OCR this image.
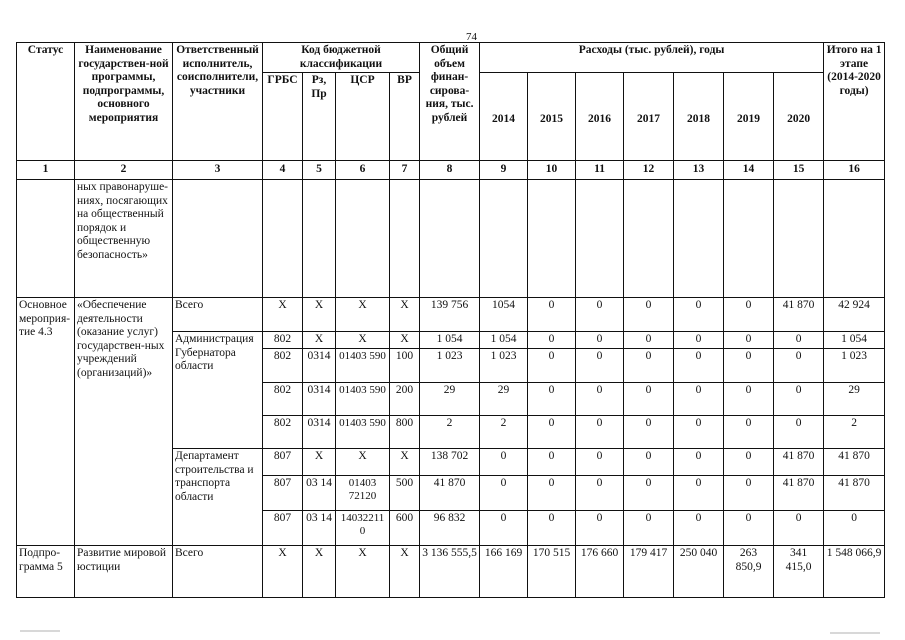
74
Статус	Наименование государствен-ной программы, подпрограммы, основного мероприятия	Ответственный исполнитель, соисполнители, участники	Код бюджетной классификации				Общий объем финан-сирова-ния, тыс. рублей	Расходы (тыс. рублей), годы							Итого на 1 этапе (2014-2020 годы)
			ГРБС	Рз, Пр	ЦСР	ВР		2014	2015	2016	2017	2018	2019	2020	
1	2	3	4	5	6	7	8	9	10	11	12	13	14	15	16
	ных правонаруше-ниях, посягающих на общественный порядок и общественную безопасность»														
Основное мероприя-тие 4.3	«Обеспечение деятельности (оказание услуг) государствен-ных учреждений (организаций)»	Всего	X	X	X	X	139 756	1054	0	0	0	0	0	41 870	42 924
		Администрация Губернатора области	802	X	X	X	1 054	1 054	0	0	0	0	0	0	1 054
			802	0314	01403 590	100	1 023	1 023	0	0	0	0	0	0	1 023
			802	0314	01403 590	200	29	29	0	0	0	0	0	0	29
			802	0314	01403 590	800	2	2	0	0	0	0	0	0	2
		Департамент строительства и транспорта области	807	X	X	X	138 702	0	0	0	0	0	0	41 870	41 870
			807	03 14	01403 72120	500	41 870	0	0	0	0	0	0	41 870	41 870
			807	03 14	14032211 0	600	96 832	0	0	0	0	0	0	0	0
Подпро-грамма 5	Развитие мировой юстиции	Всего	X	X	X	X	3 136 555,5	166 169	170 515	176 660	179 417	250 040	263 850,9	341 415,0	1 548 066,9
